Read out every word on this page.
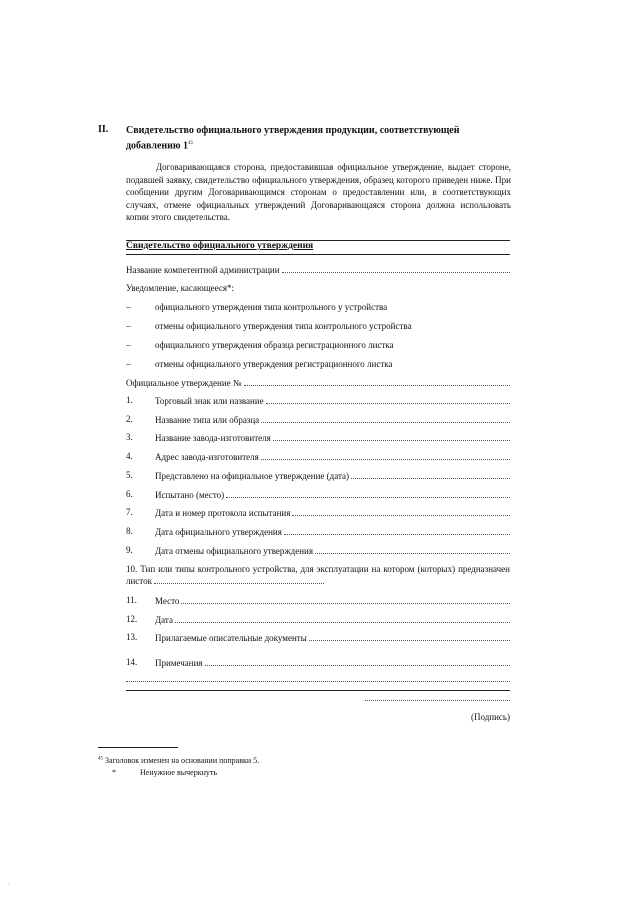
II. Свидетельство официального утверждения продукции, соответствующей добавлению $1^{45}$
Договаривающаяся сторона, предоставившая официальное утверждение, выдает стороне, подавшей заявку, свидетельство официального утверждения, образец которого приведен ниже. При сообщении другим Договаривающимся сторонам о предоставлении или, в соответствующих случаях, отмене официальных утверждений Договаривающаяся сторона должна использовать копии этого свидетельства.
Свидетельство официального утверждения
Название компетентной администрации
Уведомление, касающееся*:
–	официального утверждения типа контрольного у устройства
–	отмены официального утверждения типа контрольного устройства
–	официального утверждения образца регистрационного листка
–	отмены официального утверждения регистрационного листка
Официальное утверждение №
1. Торговый знак или название
2. Название типа или образца
3. Название завода-изготовителя
4. Адрес завода-изготовителя
5. Представлено на официальное утверждение (дата)
6. Испытано (место)
7. Дата и номер протокола испытания
8. Дата официального утверждения
9. Дата отмены официального утверждения
10. Тип или типы контрольного устройства, для эксплуатации на котором (которых) предназначен листок
11. Место
12. Дата
13. Прилагаемые описательные документы
14. Примечания
(Подпись)
$^{45}$ Заголовок изменен на основании поправки 5.
*	Ненужное вычеркнуть
.
